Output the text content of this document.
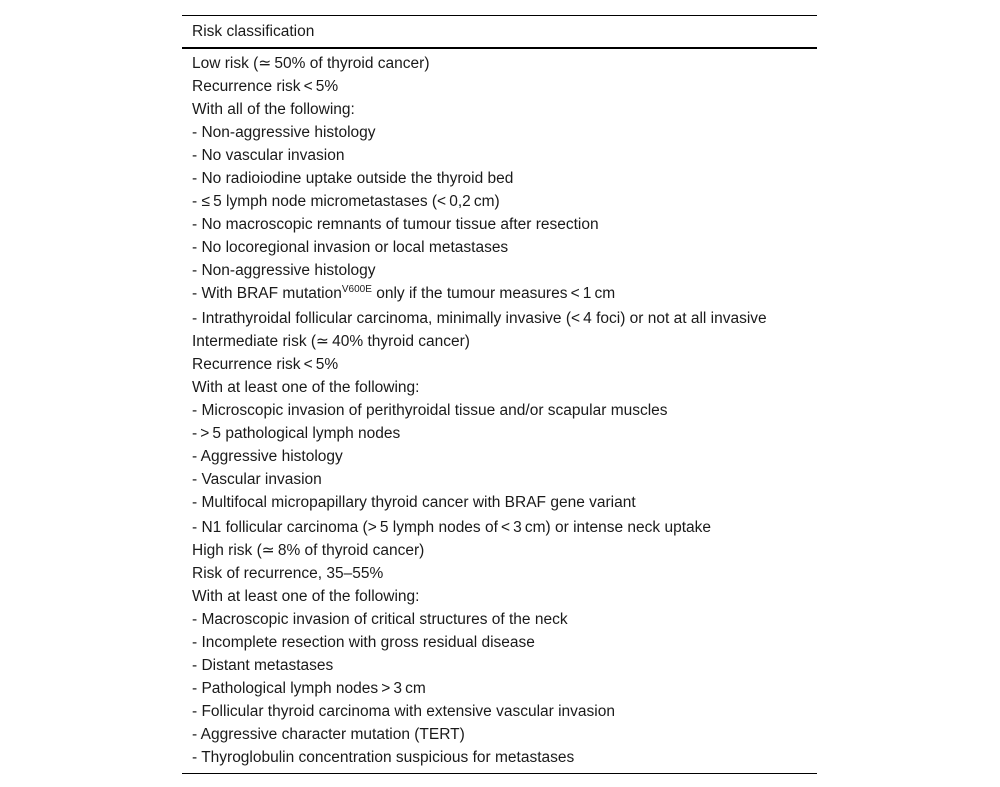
Risk classification
Low risk (≃ 50% of thyroid cancer)
Recurrence risk < 5%
With all of the following:
- Non-aggressive histology
- No vascular invasion
- No radioiodine uptake outside the thyroid bed
- ≤ 5 lymph node micrometastases (< 0,2 cm)
- No macroscopic remnants of tumour tissue after resection
- No locoregional invasion or local metastases
- Non-aggressive histology
- With BRAF mutation$^{V600E}$ only if the tumour measures < 1 cm
- Intrathyroidal follicular carcinoma, minimally invasive (< 4 foci) or not at all invasive
Intermediate risk (≃ 40% thyroid cancer)
Recurrence risk < 5%
With at least one of the following:
- Microscopic invasion of perithyroidal tissue and/or scapular muscles
- > 5 pathological lymph nodes
- Aggressive histology
- Vascular invasion
- Multifocal micropapillary thyroid cancer with BRAF gene variant
- N1 follicular carcinoma (> 5 lymph nodes of < 3 cm) or intense neck uptake
High risk (≃ 8% of thyroid cancer)
Risk of recurrence, 35–55%
With at least one of the following:
- Macroscopic invasion of critical structures of the neck
- Incomplete resection with gross residual disease
- Distant metastases
- Pathological lymph nodes > 3 cm
- Follicular thyroid carcinoma with extensive vascular invasion
- Aggressive character mutation (TERT)
- Thyroglobulin concentration suspicious for metastases
